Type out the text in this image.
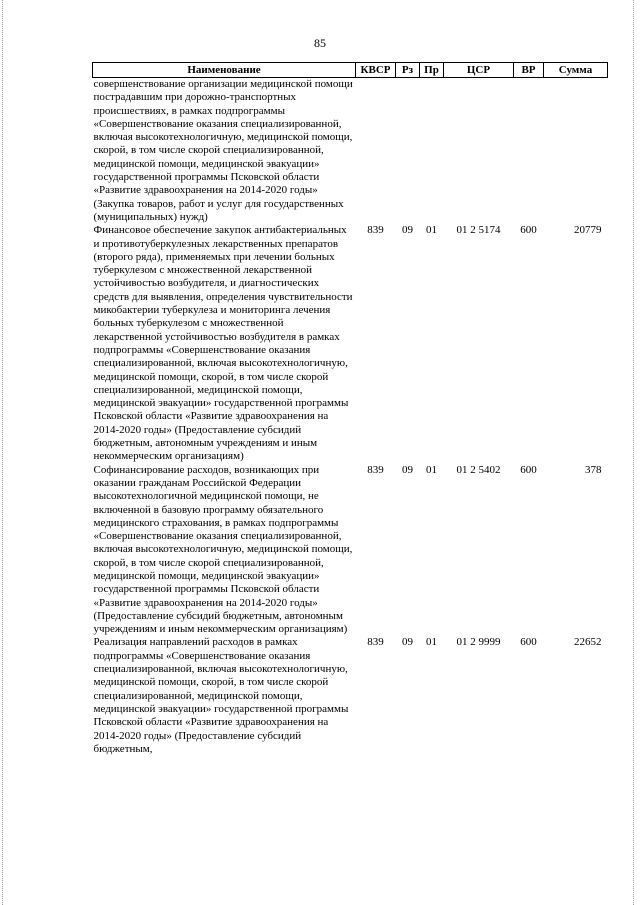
85
Наименование	КВСР	Рз	Пр	ЦСР	ВР	Сумма
совершенствование организации медицинской помощи пострадавшим при дорожно-транспортных происшествиях, в рамках подпрограммы «Совершенствование оказания специализированной, включая высокотехнологичную, медицинской помощи, скорой, в том числе скорой специализированной, медицинской помощи, медицинской эвакуации» государственной программы Псковской области «Развитие здравоохранения на 2014-2020 годы» (Закупка товаров, работ и услуг для государственных (муниципальных) нужд)						
Финансовое обеспечение закупок антибактериальных и противотуберкулезных лекарственных препаратов (второго ряда), применяемых при лечении больных туберкулезом с множественной лекарственной устойчивостью возбудителя, и диагностических средств для выявления, определения чувствительности микобактерии туберкулеза и мониторинга лечения больных туберкулезом с множественной лекарственной устойчивостью возбудителя в рамках подпрограммы «Совершенствование оказания специализированной, включая высокотехнологичную, медицинской помощи, скорой, в том числе скорой специализированной, медицинской помощи, медицинской эвакуации» государственной программы Псковской области «Развитие здравоохранения на 2014-2020 годы» (Предоставление субсидий бюджетным, автономным учреждениям и иным некоммерческим организациям)	839	09	01	01 2 5174	600	20779
Софинансирование расходов, возникающих при оказании гражданам Российской Федерации высокотехнологичной медицинской помощи, не включенной в базовую программу обязательного медицинского страхования, в рамках подпрограммы «Совершенствование оказания специализированной, включая высокотехнологичную, медицинской помощи, скорой, в том числе скорой специализированной, медицинской помощи, медицинской эвакуации» государственной программы Псковской области «Развитие здравоохранения на 2014-2020 годы» (Предоставление субсидий бюджетным, автономным учреждениям и иным некоммерческим организациям)	839	09	01	01 2 5402	600	378
Реализация направлений расходов в рамках подпрограммы «Совершенствование оказания специализированной, включая высокотехнологичную, медицинской помощи, скорой, в том числе скорой специализированной, медицинской помощи, медицинской эвакуации» государственной программы Псковской области «Развитие здравоохранения на 2014-2020 годы» (Предоставление субсидий бюджетным,	839	09	01	01 2 9999	600	22652
